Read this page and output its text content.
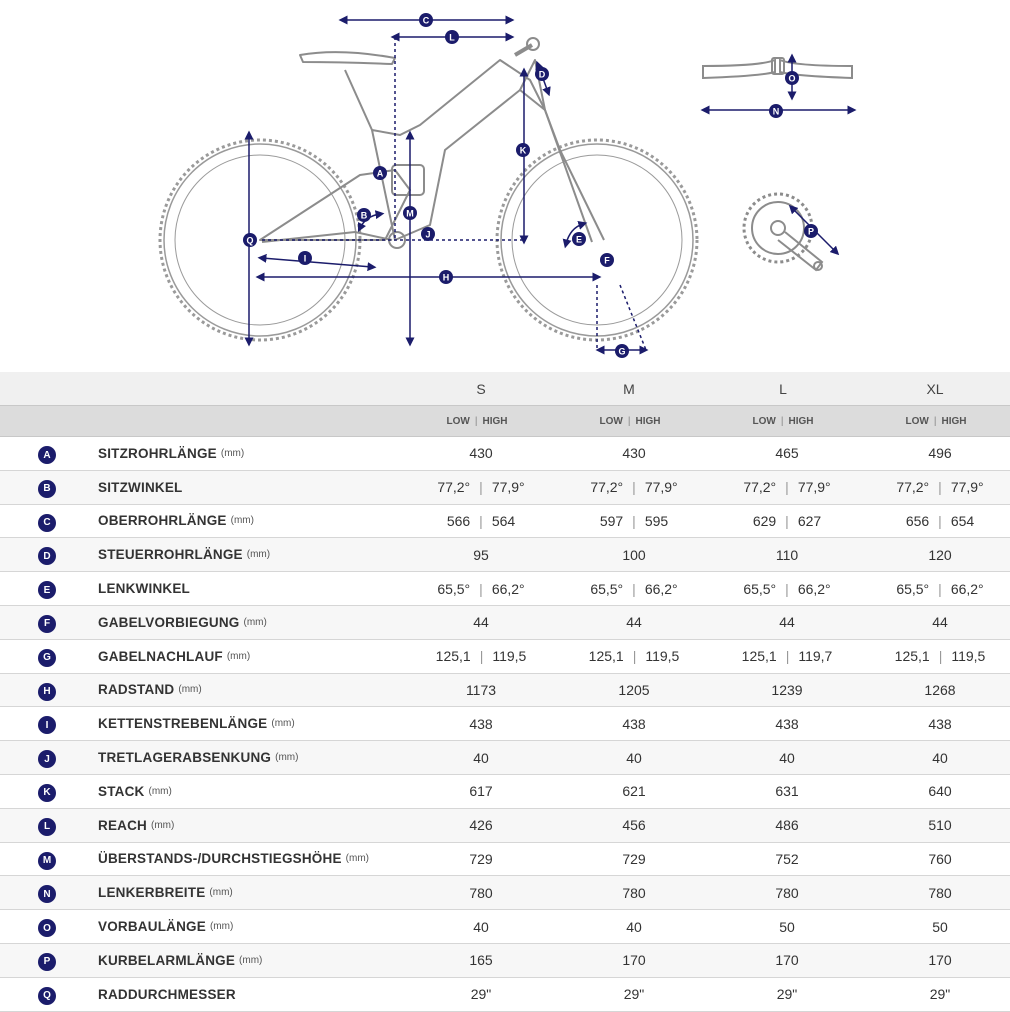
A
B
C
D
E
F
G
H
I
J
K
L
M
N
O
P
Q
S	M	L	XL
LOW | HIGH	LOW | HIGH	LOW | HIGH	LOW | HIGH
A	SITZROHRLÄNGE (mm)	430	430	465	496
B	SITZWINKEL	77,2° | 77,9°	77,2° | 77,9°	77,2° | 77,9°	77,2° | 77,9°
C	OBERROHRLÄNGE (mm)	566 | 564	597 | 595	629 | 627	656 | 654
D	STEUERROHRLÄNGE (mm)	95	100	110	120
E	LENKWINKEL	65,5° | 66,2°	65,5° | 66,2°	65,5° | 66,2°	65,5° | 66,2°
F	GABELVORBIEGUNG (mm)	44	44	44	44
G	GABELNACHLAUF (mm)	125,1 | 119,5	125,1 | 119,5	125,1 | 119,7	125,1 | 119,5
H	RADSTAND (mm)	1173	1205	1239	1268
I	KETTENSTREBENLÄNGE (mm)	438	438	438	438
J	TRETLAGERABSENKUNG (mm)	40	40	40	40
K	STACK (mm)	617	621	631	640
L	REACH (mm)	426	456	486	510
M	ÜBERSTANDS-/DURCHSTIEGSHÖHE (mm)	729	729	752	760
N	LENKERBREITE (mm)	780	780	780	780
O	VORBAULÄNGE (mm)	40	40	50	50
P	KURBELARMLÄNGE (mm)	165	170	170	170
Q	RADDURCHMESSER	29"	29"	29"	29"
